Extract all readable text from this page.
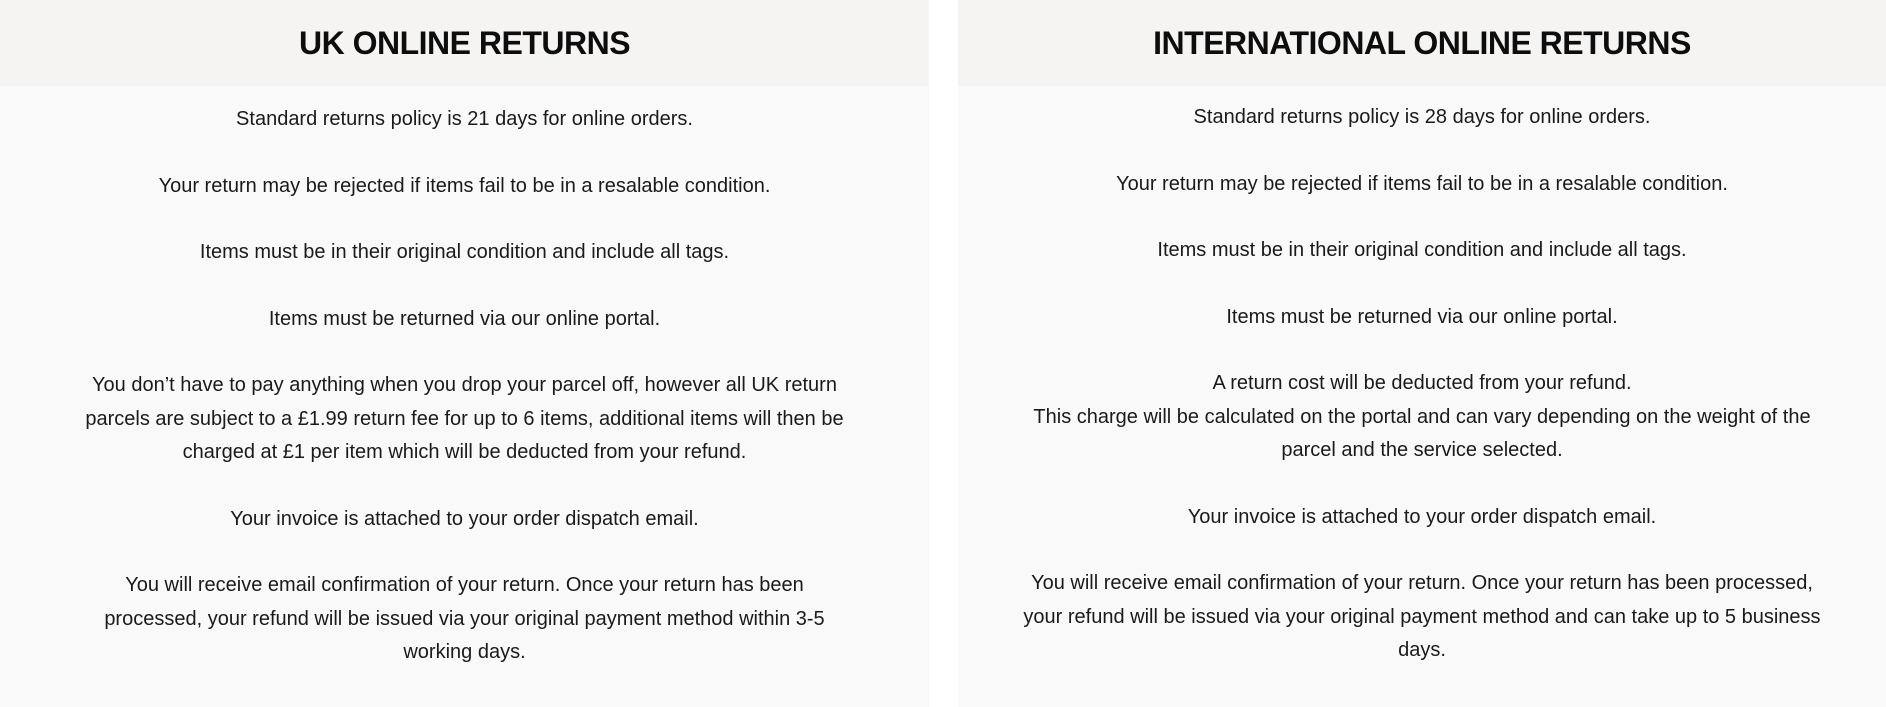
UK ONLINE RETURNS

Standard returns policy is 21 days for online orders.

Your return may be rejected if items fail to be in a resalable condition.

Items must be in their original condition and include all tags.

Items must be returned via our online portal.

You don’t have to pay anything when you drop your parcel off, however all UK return
parcels are subject to a £1.99 return fee for up to 6 items, additional items will then be
charged at £1 per item which will be deducted from your refund.

Your invoice is attached to your order dispatch email.

You will receive email confirmation of your return. Once your return has been
processed, your refund will be issued via your original payment method within 3-5
working days.

INTERNATIONAL ONLINE RETURNS

Standard returns policy is 28 days for online orders.

Your return may be rejected if items fail to be in a resalable condition.

Items must be in their original condition and include all tags.

Items must be returned via our online portal.

A return cost will be deducted from your refund.

This charge will be calculated on the portal and can vary depending on the weight of the
parcel and the service selected.

Your invoice is attached to your order dispatch email.

You will receive email confirmation of your return. Once your return has been processed,
your refund will be issued via your original payment method and can take up to 5 business
days.
